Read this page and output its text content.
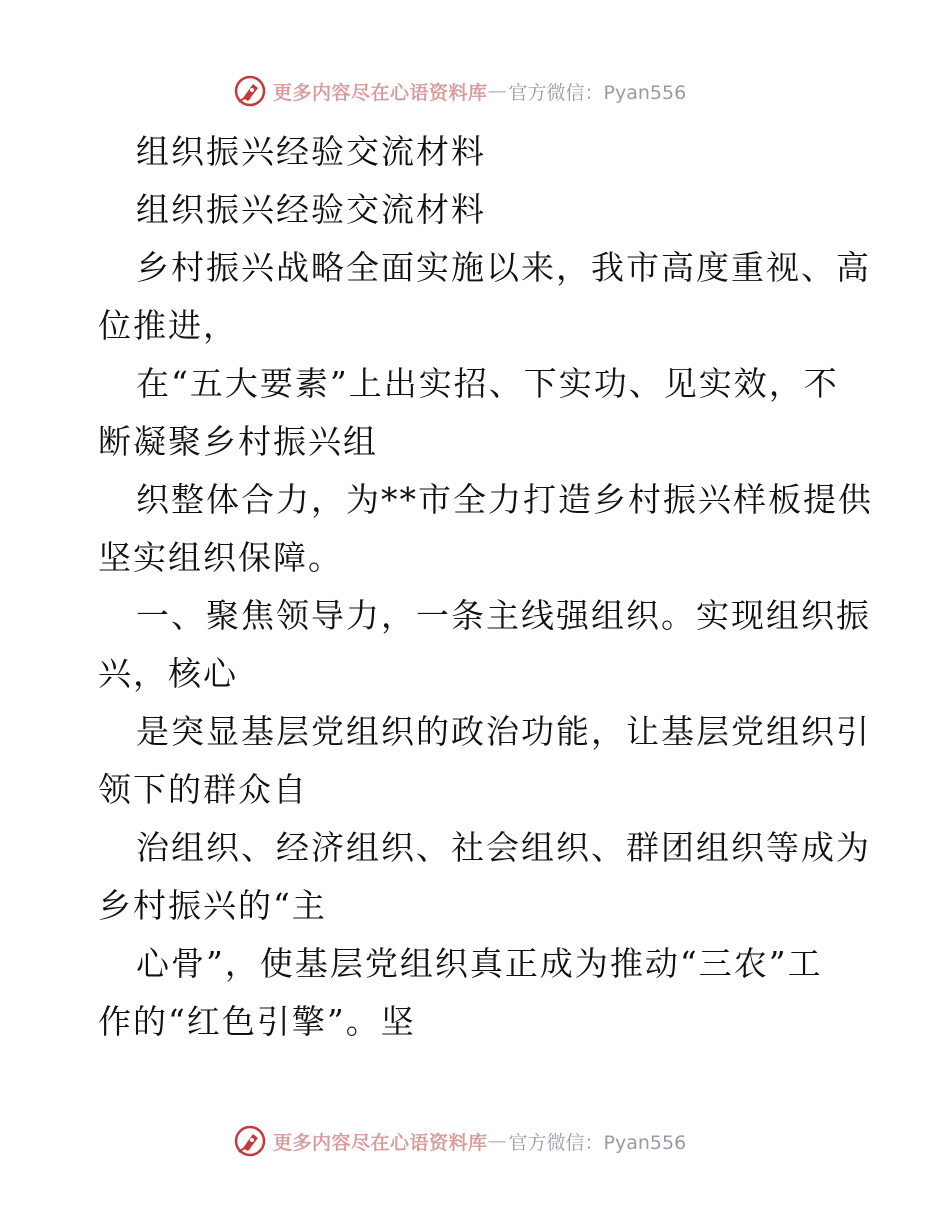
更多内容尽在心语资料库 — 官方微信：Pyan556
组织振兴经验交流材料
组织振兴经验交流材料
乡村振兴战略全面实施以来，我市高度重视、高
位推进，
在“五大要素”上出实招、下实功、见实效，不
断凝聚乡村振兴组
织整体合力，为**市全力打造乡村振兴样板提供
坚实组织保障。
一、聚焦领导力，一条主线强组织。实现组织振
兴，核心
是突显基层党组织的政治功能，让基层党组织引
领下的群众自
治组织、经济组织、社会组织、群团组织等成为
乡村振兴的“主
心骨”，使基层党组织真正成为推动“三农”工
作的“红色引擎”。坚
更多内容尽在心语资料库 — 官方微信：Pyan556
